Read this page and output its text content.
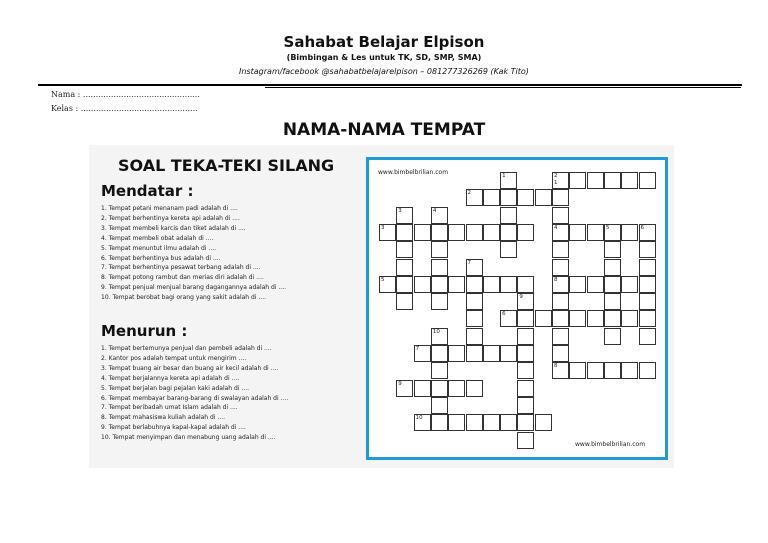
Sahabat Belajar Elpison
(Bimbingan & Les untuk TK, SD, SMP, SMA)
Instagram/facebook @sahabatbelajarelpison – 081277326269 (Kak Tito)
Nama : ..............................................
Kelas : ..............................................
NAMA-NAMA TEMPAT
SOAL TEKA-TEKI SILANG
Mendatar :
1. Tempat petani menanam padi adalah di ....
2. Tempat berhentinya kereta api adalah di ....
3. Tempat membeli karcis dan tiket adalah di ....
4. Tempat membeli obat adalah di ....
5. Tempat menuntut ilmu adalah di ....
6. Tempat berhentinya bus adalah di ....
7. Tempat berhentinya pesawat terbang adalah di ....
8. Tempat potong rambut dan merias diri adalah di ....
9. Tempat penjual menjual barang dagangannya adalah di ....
10. Tempat berobat bagi orang yang sakit adalah di ....
Menurun :
1. Tempat bertemunya penjual dan pembeli adalah di ....
2. Kantor pos adalah tempat untuk mengirim ....
3. Tempat buang air besar dan buang air kecil adalah di ....
4. Tempat berjalannya kereta api adalah di ....
5. Tempat berjalan bagi pejalan kaki adalah di ....
6. Tempat membayar barang-barang di swalayan adalah di ....
7. Tempat beribadah umat Islam adalah di ....
8. Tempat mahasiswa kuliah adalah di ....
9. Tempat berlabuhnya kapal-kapal adalah di ....
10. Tempat menyimpan dan menabung uang adalah di ....
www.bimbelbrilian.com
www.bimbelbrilian.com
1	2
1
2
3	4
3	4	5	6
7
5	8
9
6
10
7
8
9
10
